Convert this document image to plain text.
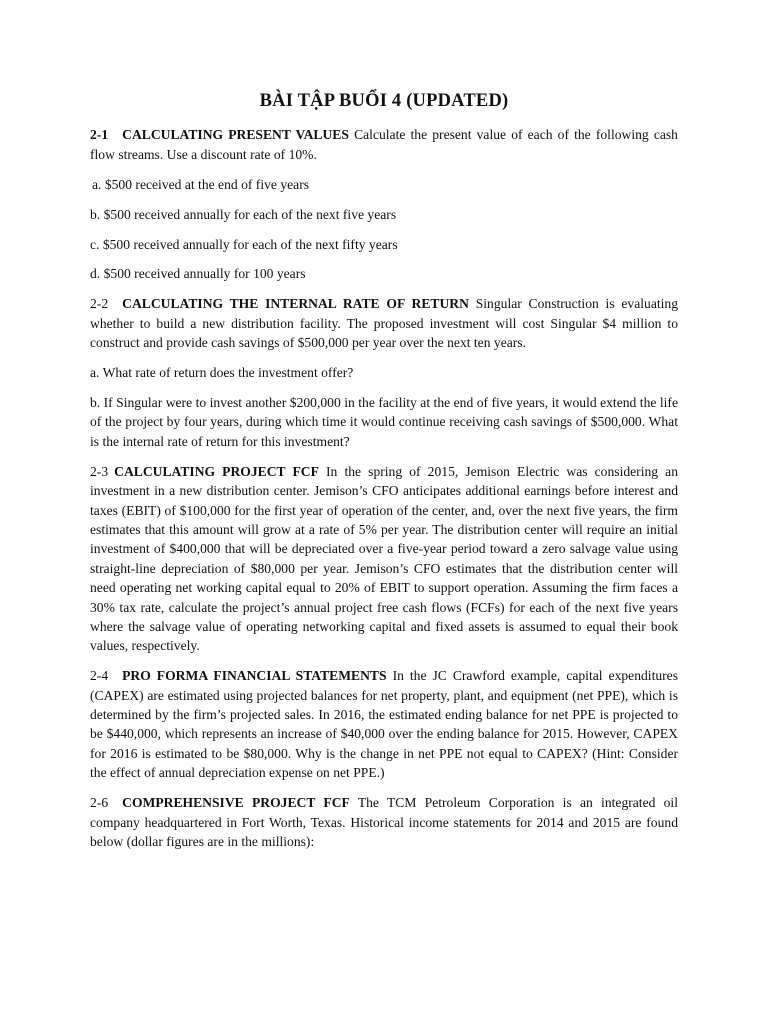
BÀI TẬP BUỔI 4 (UPDATED)

2-1 CALCULATING PRESENT VALUES Calculate the present value of each of the following cash flow streams. Use a discount rate of 10%.

a. $500 received at the end of five years

b. $500 received annually for each of the next five years

c. $500 received annually for each of the next fifty years

d. $500 received annually for 100 years

2-2 CALCULATING THE INTERNAL RATE OF RETURN Singular Construction is evaluating whether to build a new distribution facility. The proposed investment will cost Singular $4 million to construct and provide cash savings of $500,000 per year over the next ten years.

a. What rate of return does the investment offer?

b. If Singular were to invest another $200,000 in the facility at the end of five years, it would extend the life of the project by four years, during which time it would continue receiving cash savings of $500,000. What is the internal rate of return for this investment?

2-3 CALCULATING PROJECT FCF In the spring of 2015, Jemison Electric was considering an investment in a new distribution center. Jemison’s CFO anticipates additional earnings before interest and taxes (EBIT) of $100,000 for the first year of operation of the center, and, over the next five years, the firm estimates that this amount will grow at a rate of 5% per year. The distribution center will require an initial investment of $400,000 that will be depreciated over a five-year period toward a zero salvage value using straight-line depreciation of $80,000 per year. Jemison’s CFO estimates that the distribution center will need operating net working capital equal to 20% of EBIT to support operation. Assuming the firm faces a 30% tax rate, calculate the project’s annual project free cash flows (FCFs) for each of the next five years where the salvage value of operating networking capital and fixed assets is assumed to equal their book values, respectively.

2-4 PRO FORMA FINANCIAL STATEMENTS In the JC Crawford example, capital expenditures (CAPEX) are estimated using projected balances for net property, plant, and equipment (net PPE), which is determined by the firm’s projected sales. In 2016, the estimated ending balance for net PPE is projected to be $440,000, which represents an increase of $40,000 over the ending balance for 2015. However, CAPEX for 2016 is estimated to be $80,000. Why is the change in net PPE not equal to CAPEX? (Hint: Consider the effect of annual depreciation expense on net PPE.)

2-6 COMPREHENSIVE PROJECT FCF The TCM Petroleum Corporation is an integrated oil company headquartered in Fort Worth, Texas. Historical income statements for 2014 and 2015 are found below (dollar figures are in the millions):
